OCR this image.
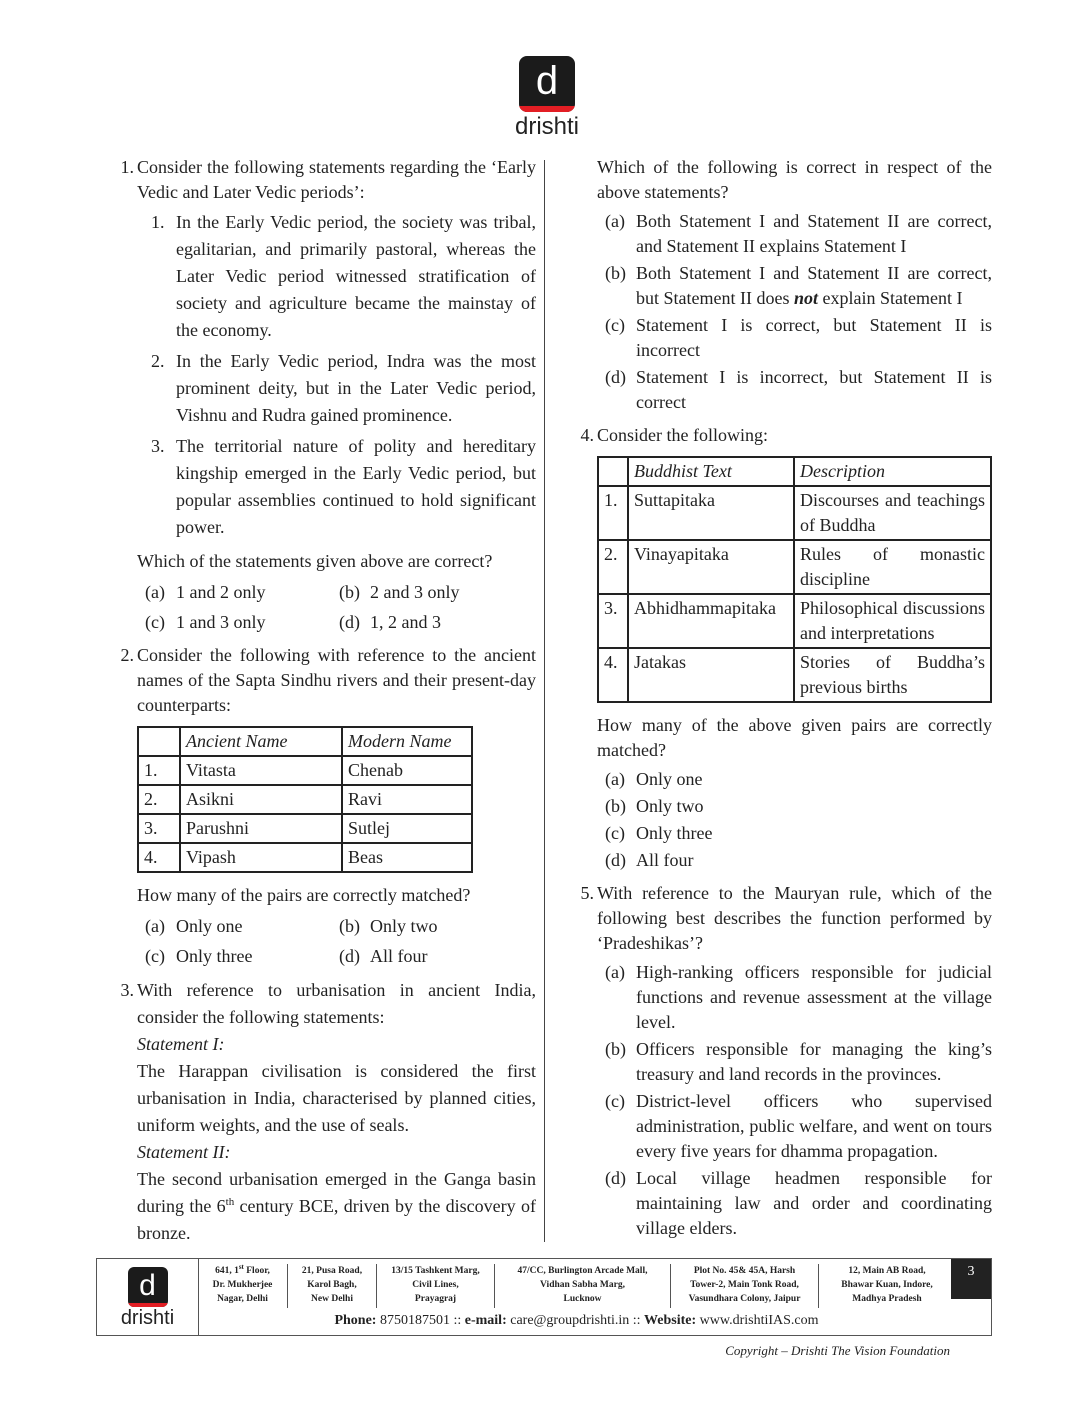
d
drishti
1. Consider the following statements regarding the ‘Early Vedic and Later Vedic periods’:

1. In the Early Vedic period, the society was tribal, egalitarian, and primarily pastoral, whereas the Later Vedic period witnessed stratification of society and agriculture became the mainstay of the economy.
2. In the Early Vedic period, Indra was the most prominent deity, but in the Later Vedic period, Vishnu and Rudra gained prominence.
3. The territorial nature of polity and hereditary kingship emerged in the Early Vedic period, but popular assemblies continued to hold significant power.

Which of the statements given above are correct?

(a) 1 and 2 only	(b) 2 and 3 only
(c) 1 and 3 only	(d) 1, 2 and 3
2. Consider the following with reference to the ancient names of the Sapta Sindhu rivers and their present-day counterparts:

	Ancient Name	Modern Name
1.	Vitasta	Chenab
2.	Asikni	Ravi
3.	Parushni	Sutlej
4.	Vipash	Beas

How many of the pairs are correctly matched?

(a) Only one	(b) Only two
(c) Only three	(d) All four
3. With reference to urbanisation in ancient India, consider the following statements:

Statement I:

The Harappan civilisation is considered the first urbanisation in India, characterised by planned cities, uniform weights, and the use of seals.

Statement II:

The second urbanisation emerged in the Ganga basin during the 6th century BCE, driven by the discovery of bronze.

Which of the following is correct in respect of the above statements?

(a) Both Statement I and Statement II are correct, and Statement II explains Statement I
(b) Both Statement I and Statement II are correct, but Statement II does not explain Statement I
(c) Statement I is correct, but Statement II is incorrect
(d) Statement I is incorrect, but Statement II is correct
4. Consider the following:

	Buddhist Text	Description
1.	Suttapitaka	Discourses and teachings of Buddha
2.	Vinayapitaka	Rules of monastic discipline
3.	Abhidhammapitaka	Philosophical discussions and interpretations
4.	Jatakas	Stories of Buddha’s previous births

How many of the above given pairs are correctly matched?

(a) Only one
(b) Only two
(c) Only three
(d) All four
5. With reference to the Mauryan rule, which of the following best describes the function performed by ‘Pradeshikas’?

(a) High-ranking officers responsible for judicial functions and revenue assessment at the village level.
(b) Officers responsible for managing the king’s treasury and land records in the provinces.
(c) District-level officers who supervised administration, public welfare, and went on tours every five years for dhamma propagation.
(d) Local village headmen responsible for maintaining law and order and coordinating village elders.
d
drishti
641, 1st Floor,
Dr. Mukherjee
Nagar, Delhi
21, Pusa Road,
Karol Bagh,
New Delhi
13/15 Tashkent Marg,
Civil Lines,
Prayagraj
47/CC, Burlington Arcade Mall,
Vidhan Sabha Marg,
Lucknow
Plot No. 45& 45A, Harsh
Tower-2, Main Tonk Road,
Vasundhara Colony, Jaipur
12, Main AB Road,
Bhawar Kuan, Indore,
Madhya Pradesh
3
Phone: 8750187501 :: e-mail: care@groupdrishti.in :: Website: www.drishtiIAS.com
Copyright – Drishti The Vision Foundation
